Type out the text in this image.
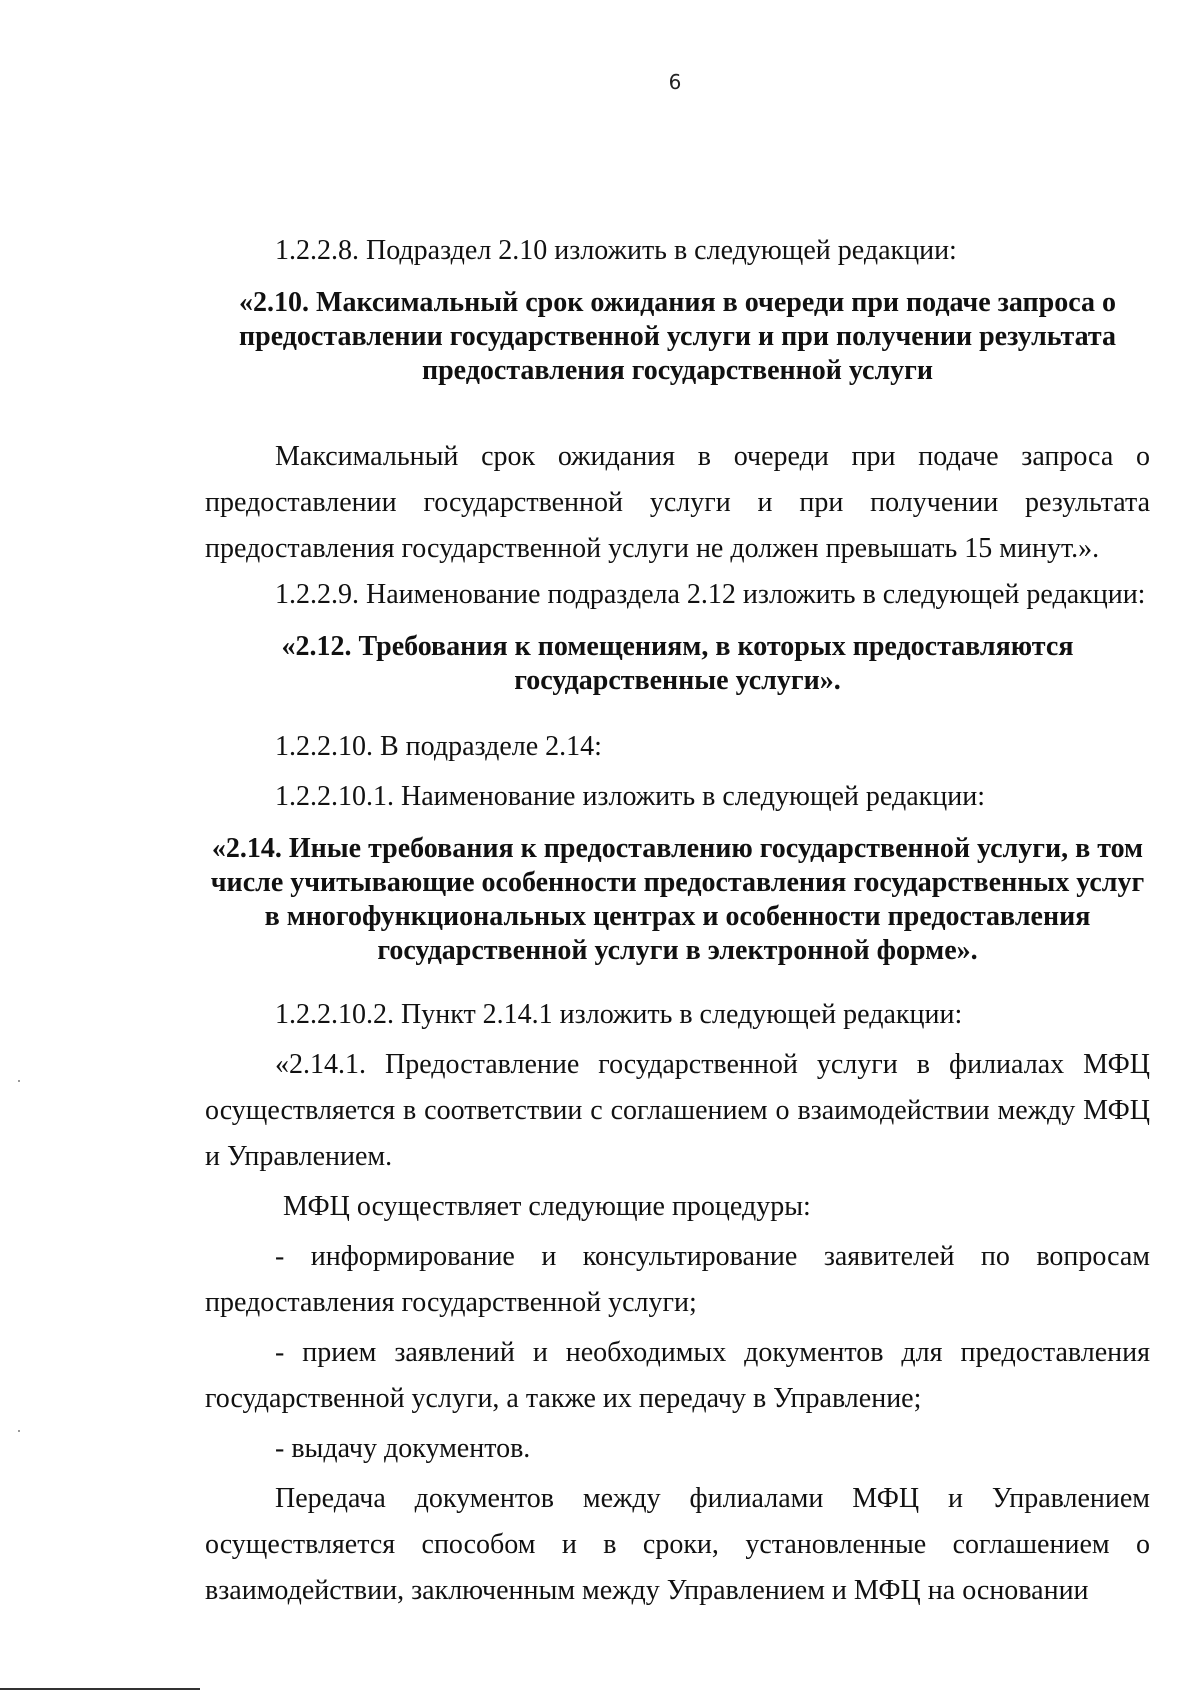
6

1.2.2.8. Подраздел 2.10 изложить в следующей редакции:

«2.10. Максимальный срок ожидания в очереди при подаче запроса о предоставлении государственной услуги и при получении результата предоставления государственной услуги

Максимальный срок ожидания в очереди при подаче запроса о предоставлении государственной услуги и при получении результата предоставления государственной услуги не должен превышать 15 минут.».

1.2.2.9. Наименование подраздела 2.12 изложить в следующей редакции:

«2.12. Требования к помещениям, в которых предоставляются государственные услуги».

1.2.2.10. В подразделе 2.14:

1.2.2.10.1. Наименование изложить в следующей редакции:

«2.14. Иные требования к предоставлению государственной услуги, в том числе учитывающие особенности предоставления государственных услуг в многофункциональных центрах и особенности предоставления государственной услуги в электронной форме».

1.2.2.10.2. Пункт 2.14.1 изложить в следующей редакции:

«2.14.1. Предоставление государственной услуги в филиалах МФЦ осуществляется в соответствии с соглашением о взаимодействии между МФЦ и Управлением.

МФЦ осуществляет следующие процедуры:

- информирование и консультирование заявителей по вопросам предоставления государственной услуги;

- прием заявлений и необходимых документов для предоставления государственной услуги, а также их передачу в Управление;

- выдачу документов.

Передача документов между филиалами МФЦ и Управлением осуществляется способом и в сроки, установленные соглашением о взаимодействии, заключенным между Управлением и МФЦ на основании
